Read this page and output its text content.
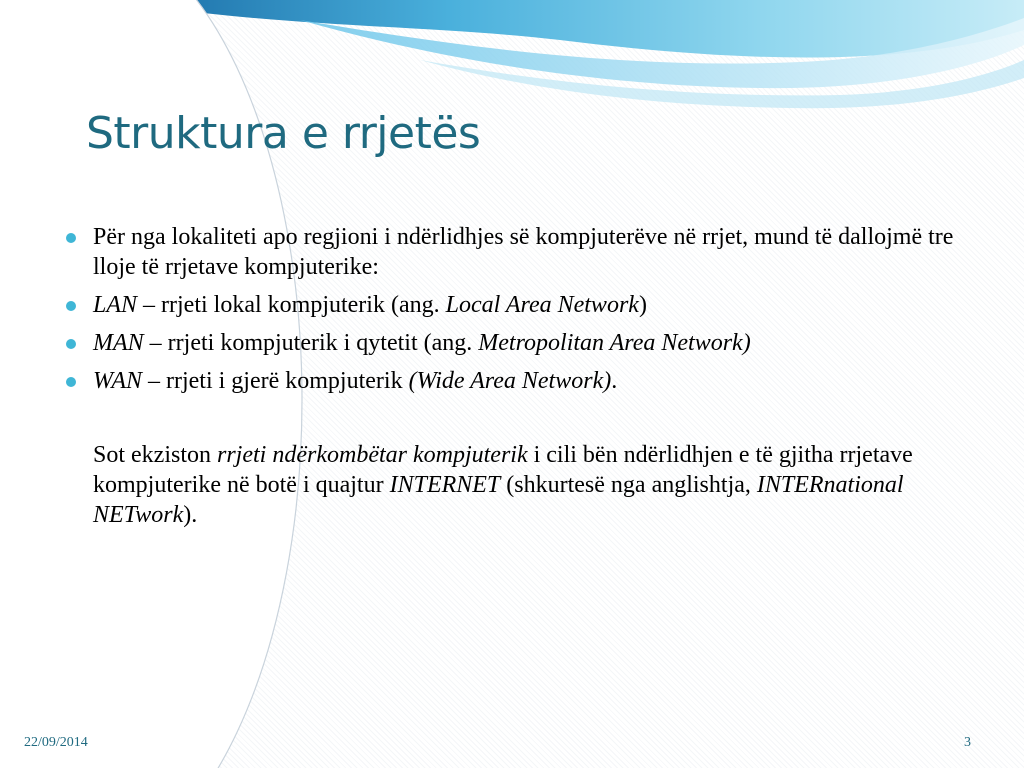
Struktura e rrjetës
Për nga lokaliteti apo regjioni i ndërlidhjes së kompjuterëve në rrjet, mund të dallojmë tre lloje të rrjetave kompjuterike:
LAN – rrjeti lokal kompjuterik (ang. Local Area Network)
MAN – rrjeti kompjuterik i qytetit (ang. Metropolitan Area Network)
WAN – rrjeti i gjerë kompjuterik (Wide Area Network).
Sot ekziston rrjeti ndërkombëtar kompjuterik i cili bën ndërlidhjen e të gjitha rrjetave kompjuterike në botë i quajtur INTERNET (shkurtesë nga anglishtja, INTERnational NETwork).
22/09/2014	3
